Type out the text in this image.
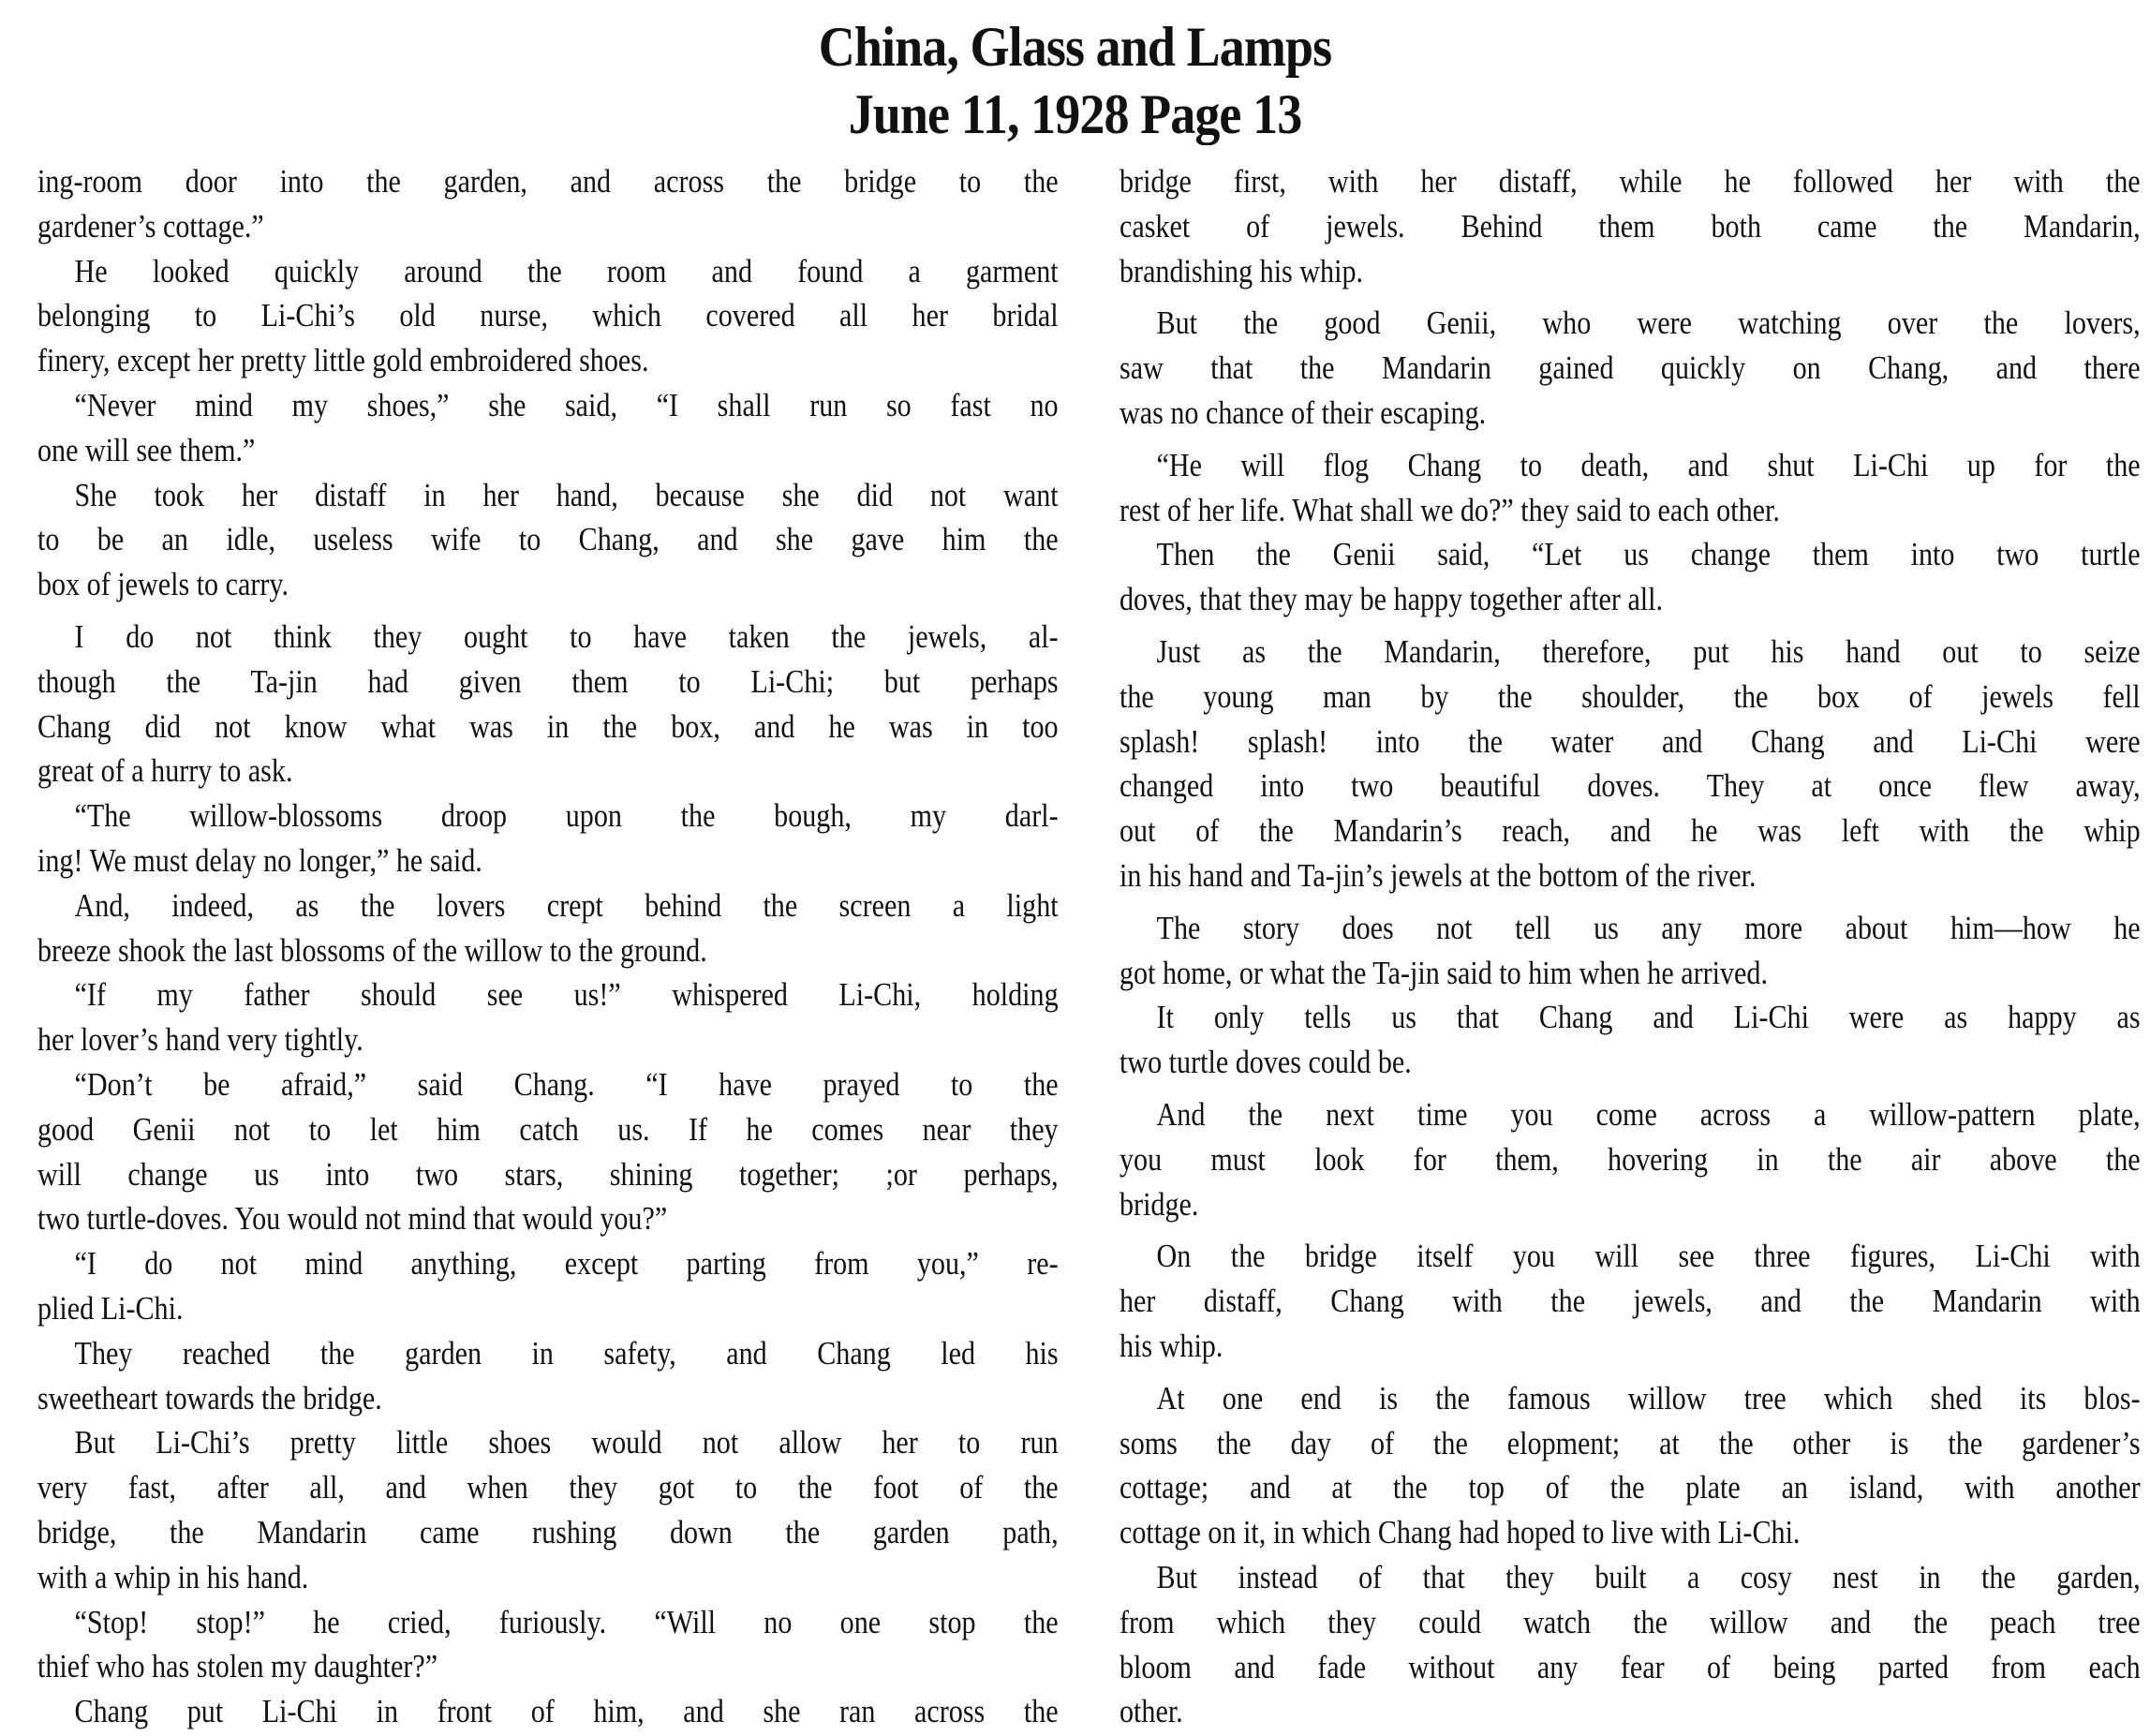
China, Glass and Lamps
June 11, 1928 Page 13
ing-room door into the garden, and across the bridge to the
gardener’s cottage.”
He looked quickly around the room and found a garment
belonging to Li-Chi’s old nurse, which covered all her bridal
finery, except her pretty little gold embroidered shoes.
“Never mind my shoes,” she said, “I shall run so fast no
one will see them.”
She took her distaff in her hand, because she did not want
to be an idle, useless wife to Chang, and she gave him the
box of jewels to carry.
I do not think they ought to have taken the jewels, al-
though the Ta-jin had given them to Li-Chi; but perhaps
Chang did not know what was in the box, and he was in too
great of a hurry to ask.
“The willow-blossoms droop upon the bough, my darl-
ing! We must delay no longer,” he said.
And, indeed, as the lovers crept behind the screen a light
breeze shook the last blossoms of the willow to the ground.
“If my father should see us!” whispered Li-Chi, holding
her lover’s hand very tightly.
“Don’t be afraid,” said Chang. “I have prayed to the
good Genii not to let him catch us. If he comes near they
will change us into two stars, shining together; ;or perhaps,
two turtle-doves. You would not mind that would you?”
“I do not mind anything, except parting from you,” re-
plied Li-Chi.
They reached the garden in safety, and Chang led his
sweetheart towards the bridge.
But Li-Chi’s pretty little shoes would not allow her to run
very fast, after all, and when they got to the foot of the
bridge, the Mandarin came rushing down the garden path,
with a whip in his hand.
“Stop! stop!” he cried, furiously. “Will no one stop the
thief who has stolen my daughter?”
Chang put Li-Chi in front of him, and she ran across the
bridge first, with her distaff, while he followed her with the
casket of jewels. Behind them both came the Mandarin,
brandishing his whip.
But the good Genii, who were watching over the lovers,
saw that the Mandarin gained quickly on Chang, and there
was no chance of their escaping.
“He will flog Chang to death, and shut Li-Chi up for the
rest of her life. What shall we do?” they said to each other.
Then the Genii said, “Let us change them into two turtle
doves, that they may be happy together after all.
Just as the Mandarin, therefore, put his hand out to seize
the young man by the shoulder, the box of jewels fell
splash! splash! into the water and Chang and Li-Chi were
changed into two beautiful doves. They at once flew away,
out of the Mandarin’s reach, and he was left with the whip
in his hand and Ta-jin’s jewels at the bottom of the river.
The story does not tell us any more about him—how he
got home, or what the Ta-jin said to him when he arrived.
It only tells us that Chang and Li-Chi were as happy as
two turtle doves could be.
And the next time you come across a willow-pattern plate,
you must look for them, hovering in the air above the
bridge.
On the bridge itself you will see three figures, Li-Chi with
her distaff, Chang with the jewels, and the Mandarin with
his whip.
At one end is the famous willow tree which shed its blos-
soms the day of the elopment; at the other is the gardener’s
cottage; and at the top of the plate an island, with another
cottage on it, in which Chang had hoped to live with Li-Chi.
But instead of that they built a cosy nest in the garden,
from which they could watch the willow and the peach tree
bloom and fade without any fear of being parted from each
other.
